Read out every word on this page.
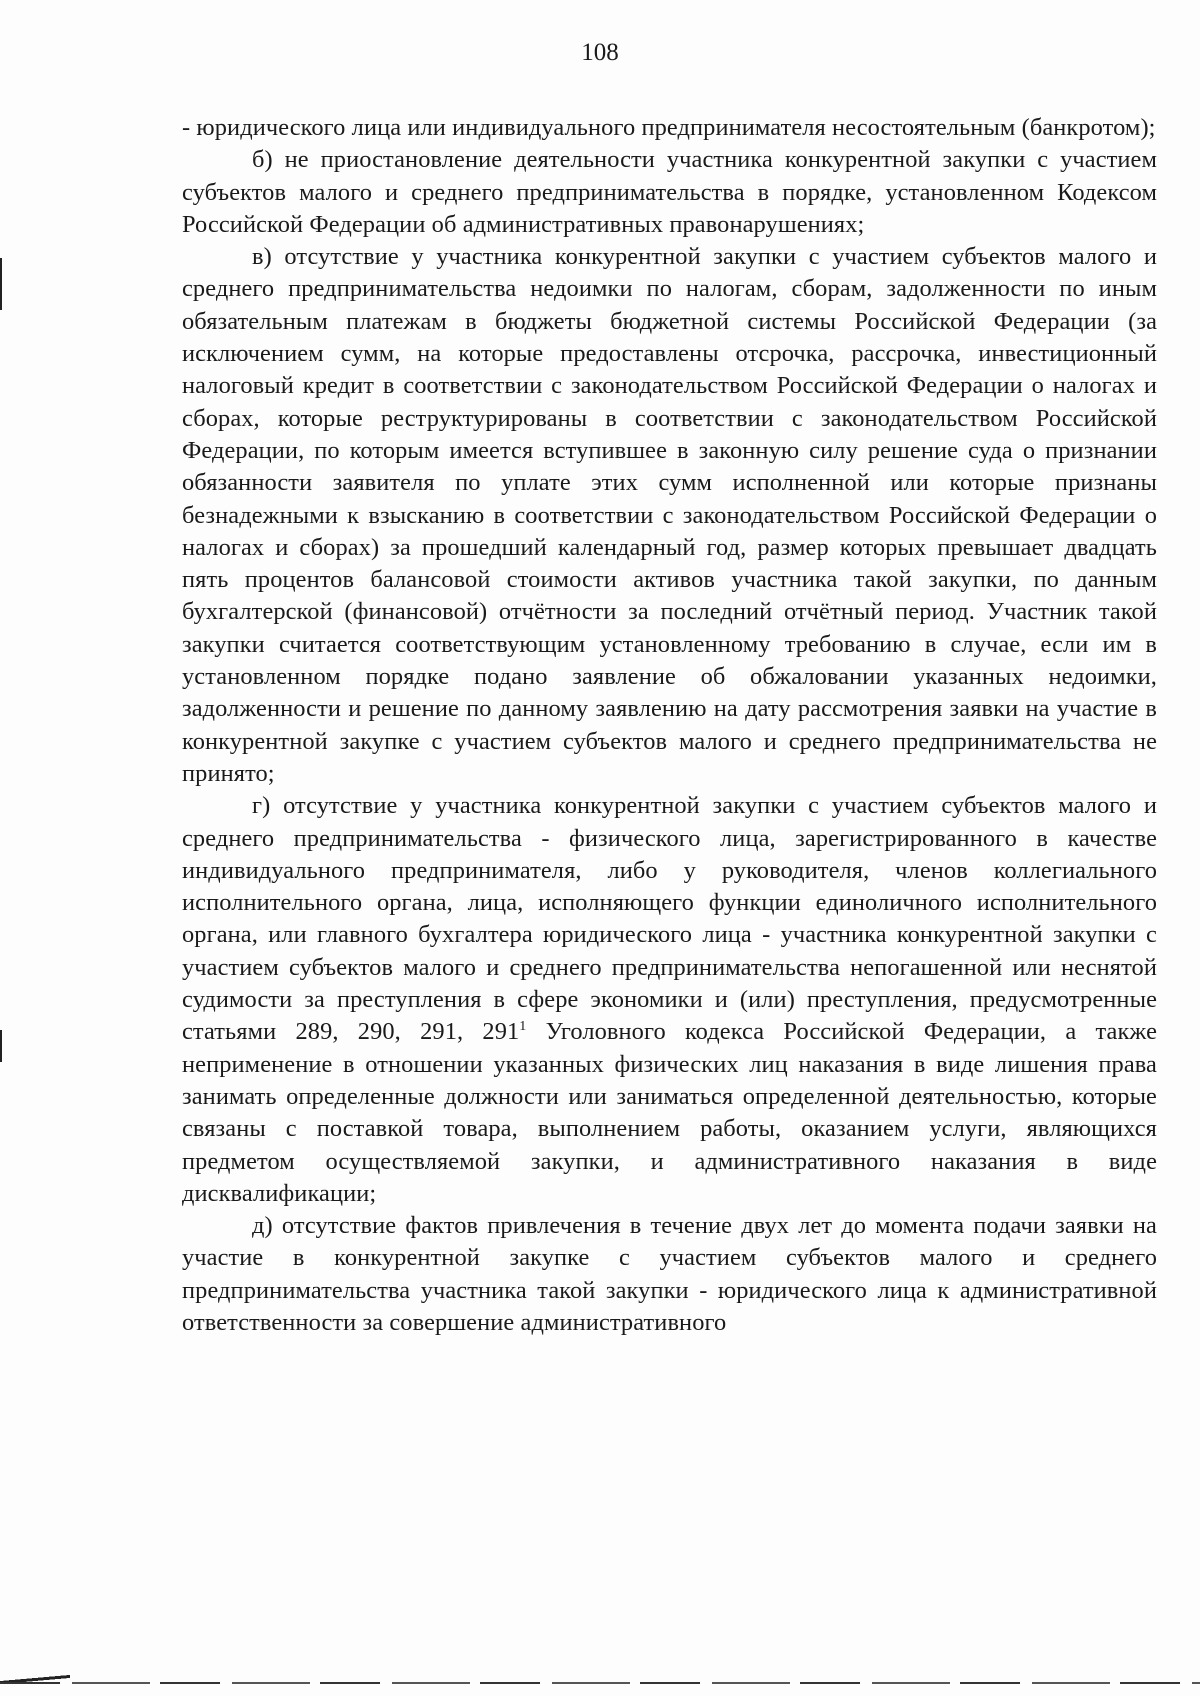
108

- юридического лица или индивидуального предпринимателя несостоятельным (банкротом);

б) не приостановление деятельности участника конкурентной закупки с участием субъектов малого и среднего предпринимательства в порядке, установленном Кодексом Российской Федерации об административных правонарушениях;

в) отсутствие у участника конкурентной закупки с участием субъектов малого и среднего предпринимательства недоимки по налогам, сборам, задолженности по иным обязательным платежам в бюджеты бюджетной системы Российской Федерации (за исключением сумм, на которые предоставлены отсрочка, рассрочка, инвестиционный налоговый кредит в соответствии с законодательством Российской Федерации о налогах и сборах, которые реструктурированы в соответствии с законодательством Российской Федерации, по которым имеется вступившее в законную силу решение суда о признании обязанности заявителя по уплате этих сумм исполненной или которые признаны безнадежными к взысканию в соответствии с законодательством Российской Федерации о налогах и сборах) за прошедший календарный год, размер которых превышает двадцать пять процентов балансовой стоимости активов участника такой закупки, по данным бухгалтерской (финансовой) отчётности за последний отчётный период. Участник такой закупки считается соответствующим установленному требованию в случае, если им в установленном порядке подано заявление об обжаловании указанных недоимки, задолженности и решение по данному заявлению на дату рассмотрения заявки на участие в конкурентной закупке с участием субъектов малого и среднего предпринимательства не принято;

г) отсутствие у участника конкурентной закупки с участием субъектов малого и среднего предпринимательства - физического лица, зарегистрированного в качестве индивидуального предпринимателя, либо у руководителя, членов коллегиального исполнительного органа, лица, исполняющего функции единоличного исполнительного органа, или главного бухгалтера юридического лица - участника конкурентной закупки с участием субъектов малого и среднего предпринимательства непогашенной или неснятой судимости за преступления в сфере экономики и (или) преступления, предусмотренные статьями 289, 290, 291, 291$^1$ Уголовного кодекса Российской Федерации, а также неприменение в отношении указанных физических лиц наказания в виде лишения права занимать определенные должности или заниматься определенной деятельностью, которые связаны с поставкой товара, выполнением работы, оказанием услуги, являющихся предметом осуществляемой закупки, и административного наказания в виде дисквалификации;

д) отсутствие фактов привлечения в течение двух лет до момента подачи заявки на участие в конкурентной закупке с участием субъектов малого и среднего предпринимательства участника такой закупки - юридического лица к административной ответственности за совершение административного
